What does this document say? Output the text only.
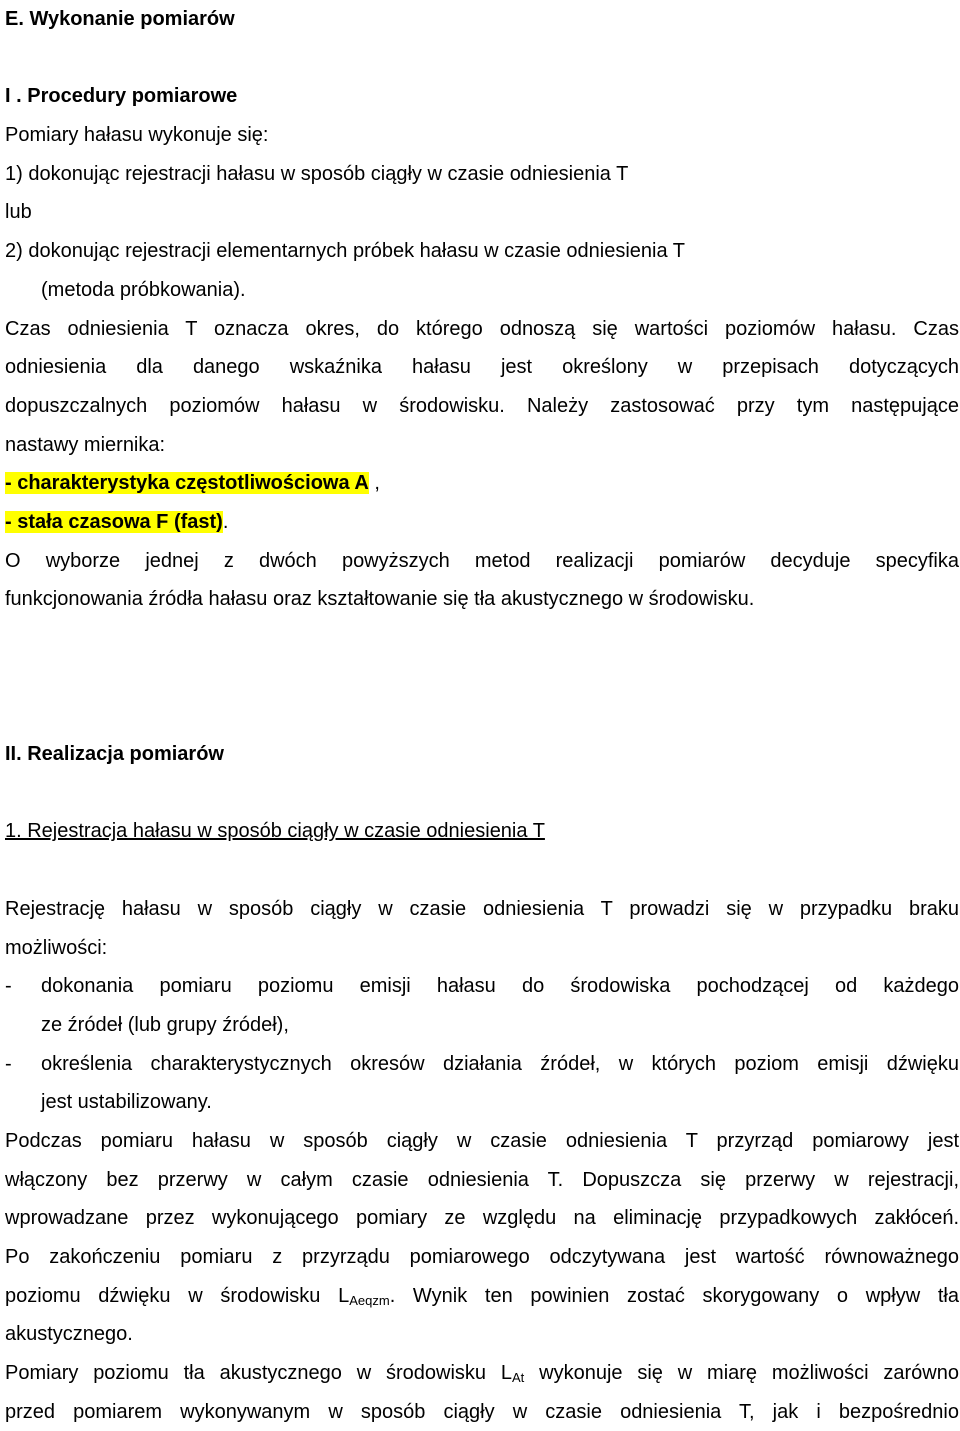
E. Wykonanie pomiarów
I . Procedury pomiarowe
Pomiary hałasu wykonuje się:
1) dokonując rejestracji hałasu w sposób ciągły w czasie odniesienia T
lub
2) dokonując rejestracji elementarnych próbek hałasu w czasie odniesienia T
(metoda próbkowania).
Czas odniesienia T oznacza okres, do którego odnoszą się wartości poziomów hałasu. Czas
odniesienia dla danego wskaźnika hałasu jest określony w przepisach dotyczących
dopuszczalnych poziomów hałasu w środowisku. Należy zastosować przy tym następujące
nastawy miernika:
- charakterystyka częstotliwościowa A ,
- stała czasowa F (fast).
O wyborze jednej z dwóch powyższych metod realizacji pomiarów decyduje specyfika
funkcjonowania źródła hałasu oraz kształtowanie się tła akustycznego w środowisku.
II. Realizacja pomiarów
1. Rejestracja hałasu w sposób ciągły w czasie odniesienia T
Rejestrację hałasu w sposób ciągły w czasie odniesienia T prowadzi się w przypadku braku
możliwości:
- dokonania pomiaru poziomu emisji hałasu do środowiska pochodzącej od każdego
ze źródeł (lub grupy źródeł),
- określenia charakterystycznych okresów działania źródeł, w których poziom emisji dźwięku
jest ustabilizowany.
Podczas pomiaru hałasu w sposób ciągły w czasie odniesienia T przyrząd pomiarowy jest
włączony bez przerwy w całym czasie odniesienia T. Dopuszcza się przerwy w rejestracji,
wprowadzane przez wykonującego pomiary ze względu na eliminację przypadkowych zakłóceń.
Po zakończeniu pomiaru z przyrządu pomiarowego odczytywana jest wartość równoważnego
poziomu dźwięku w środowisku $L_{Aeqzm}$. Wynik ten powinien zostać skorygowany o wpływ tła
akustycznego.
Pomiary poziomu tła akustycznego w środowisku $L_{At}$ wykonuje się w miarę możliwości zarówno
przed pomiarem wykonywanym w sposób ciągły w czasie odniesienia T, jak i bezpośrednio
